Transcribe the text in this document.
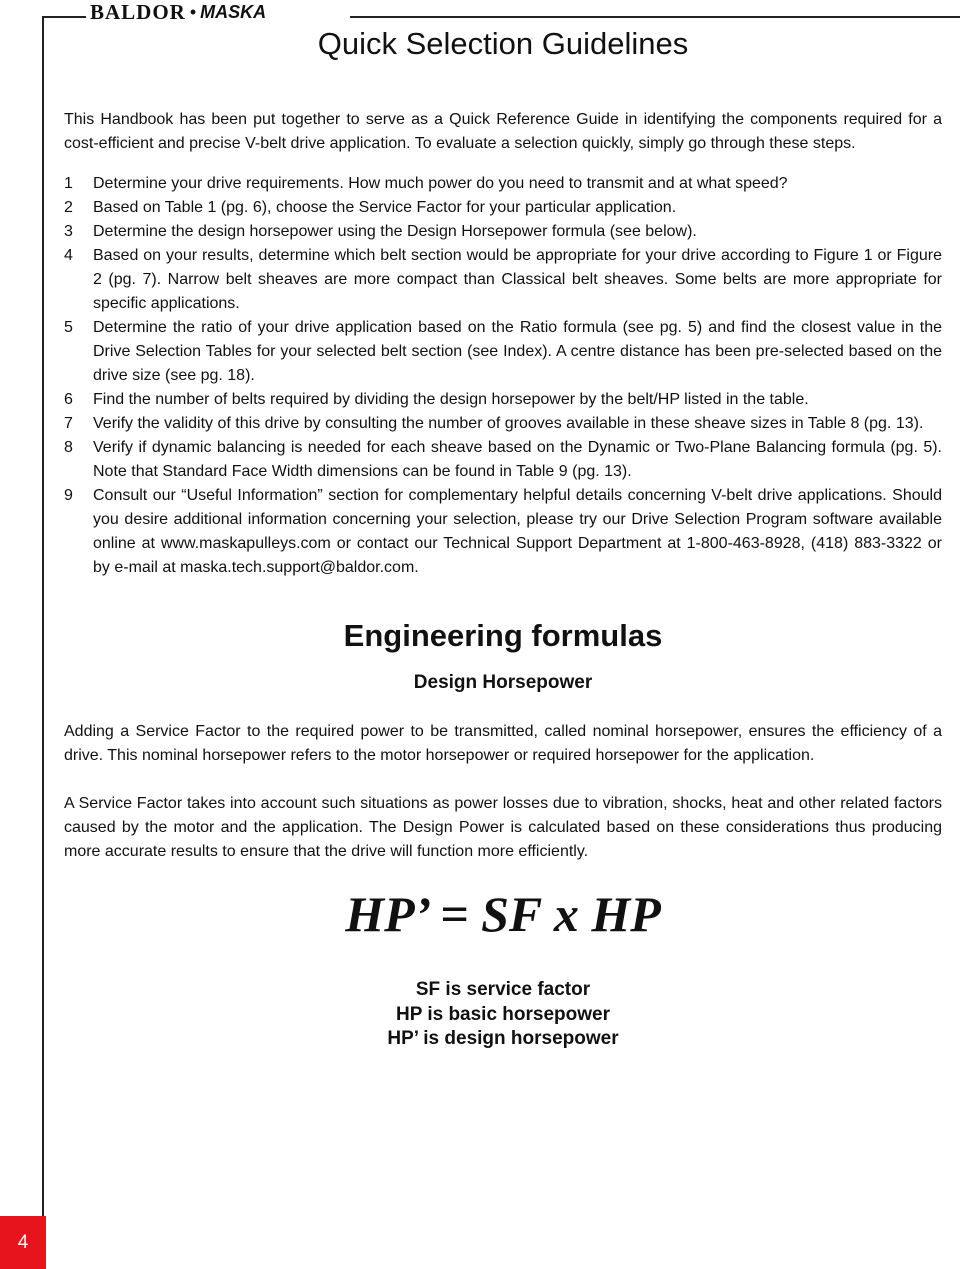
BALDOR • MASKA
Quick Selection Guidelines

This Handbook has been put together to serve as a Quick Reference Guide in identifying the components required for a cost-efficient and precise V-belt drive application. To evaluate a selection quickly, simply go through these steps.

1	Determine your drive requirements. How much power do you need to transmit and at what speed?
2	Based on Table 1 (pg. 6), choose the Service Factor for your particular application.
3	Determine the design horsepower using the Design Horsepower formula (see below).
4	Based on your results, determine which belt section would be appropriate for your drive according to Figure 1 or Figure 2 (pg. 7). Narrow belt sheaves are more compact than Classical belt sheaves. Some belts are more appropriate for specific applications.
5	Determine the ratio of your drive application based on the Ratio formula (see pg. 5) and find the closest value in the Drive Selection Tables for your selected belt section (see Index). A centre distance has been pre-selected based on the drive size (see pg. 18).
6	Find the number of belts required by dividing the design horsepower by the belt/HP listed in the table.
7	Verify the validity of this drive by consulting the number of grooves available in these sheave sizes in Table 8 (pg. 13).
8	Verify if dynamic balancing is needed for each sheave based on the Dynamic or Two-Plane Balancing formula (pg. 5). Note that Standard Face Width dimensions can be found in Table 9 (pg. 13).
9	Consult our “Useful Information” section for complementary helpful details concerning V-belt drive applications. Should you desire additional information concerning your selection, please try our Drive Selection Program software available online at www.maskapulleys.com or contact our Technical Support Department at 1-800-463-8928, (418) 883-3322 or by e-mail at maska.tech.support@baldor.com.
Engineering formulas
Design Horsepower

Adding a Service Factor to the required power to be transmitted, called nominal horsepower, ensures the efficiency of a drive. This nominal horsepower refers to the motor horsepower or required horsepower for the application.

A Service Factor takes into account such situations as power losses due to vibration, shocks, heat and other related factors caused by the motor and the application. The Design Power is calculated based on these considerations thus producing more accurate results to ensure that the drive will function more efficiently.

HP’ = SF x HP
SF is service factor
HP is basic horsepower
HP’ is design horsepower
4
